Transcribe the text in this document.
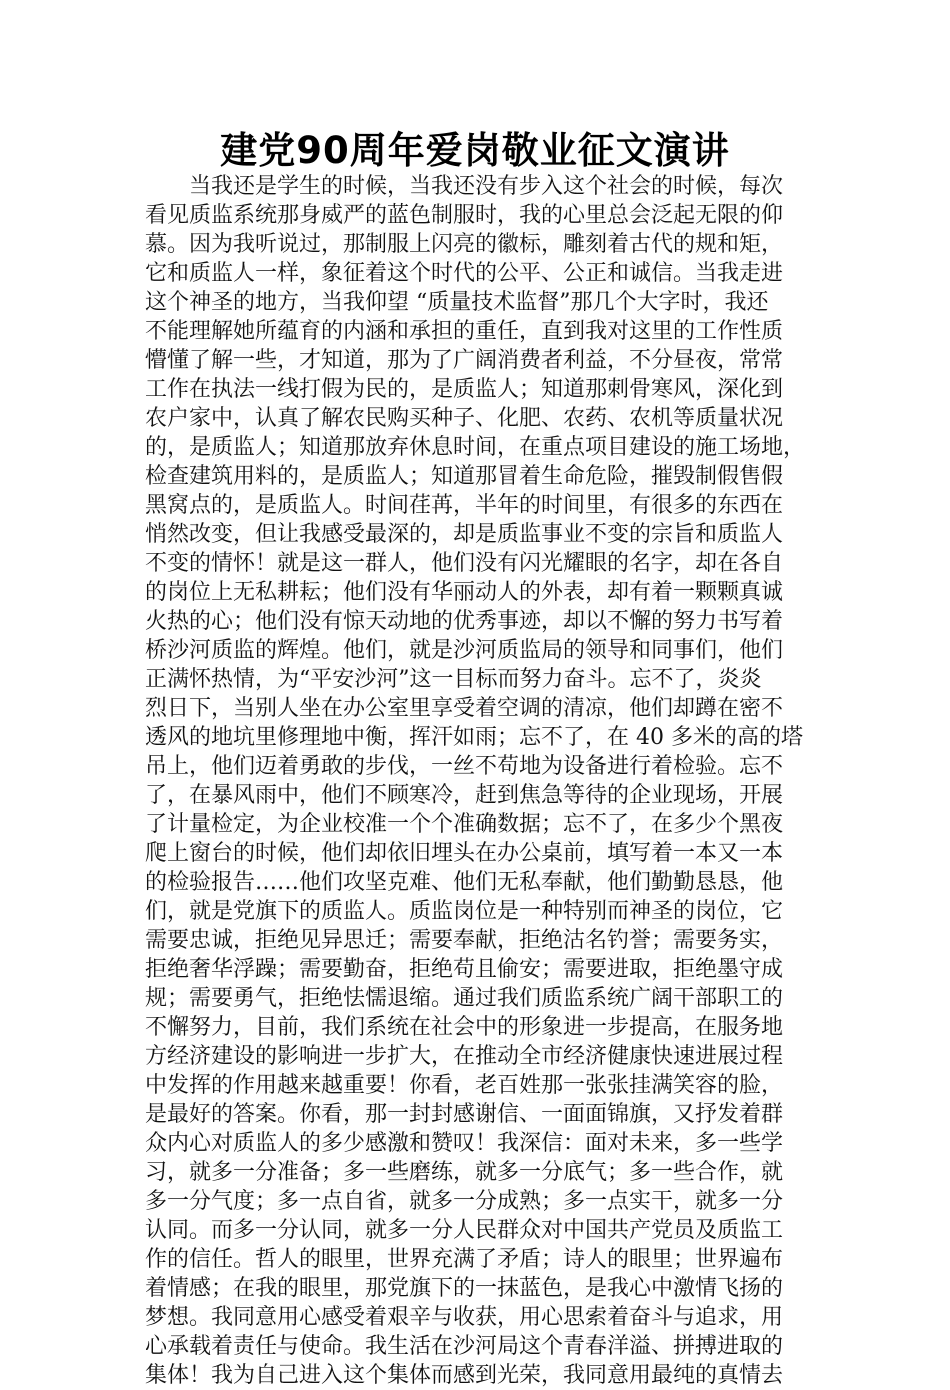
建党90周年爱岗敬业征文演讲
　　当我还是学生的时候，当我还没有步入这个社会的时候，每次
看见质监系统那身威严的蓝色制服时，我的心里总会泛起无限的仰
慕。因为我听说过，那制服上闪亮的徽标，雕刻着古代的规和矩，
它和质监人一样，象征着这个时代的公平、公正和诚信。当我走进
这个神圣的地方，当我仰望 “质量技术监督”那几个大字时，我还
不能理解她所蕴育的内涵和承担的重任，直到我对这里的工作性质
懵懂了解一些，才知道，那为了广阔消费者利益，不分昼夜，常常
工作在执法一线打假为民的，是质监人；知道那刺骨寒风，深化到
农户家中，认真了解农民购买种子、化肥、农药、农机等质量状况
的，是质监人；知道那放弃休息时间，在重点项目建设的施工场地，
检查建筑用料的，是质监人；知道那冒着生命危险，摧毁制假售假
黑窝点的，是质监人。时间荏苒，半年的时间里，有很多的东西在
悄然改变，但让我感受最深的，却是质监事业不变的宗旨和质监人
不变的情怀！就是这一群人，他们没有闪光耀眼的名字，却在各自
的岗位上无私耕耘；他们没有华丽动人的外表，却有着一颗颗真诚
火热的心；他们没有惊天动地的优秀事迹，却以不懈的努力书写着
桥沙河质监的辉煌。他们，就是沙河质监局的领导和同事们，他们
正满怀热情，为“平安沙河”这一目标而努力奋斗。忘不了，炎炎
烈日下，当别人坐在办公室里享受着空调的清凉，他们却蹲在密不
透风的地坑里修理地中衡，挥汗如雨；忘不了，在 40 多米的高的塔
吊上，他们迈着勇敢的步伐，一丝不苟地为设备进行着检验。忘不
了，在暴风雨中，他们不顾寒冷，赶到焦急等待的企业现场，开展
了计量检定，为企业校准一个个准确数据；忘不了，在多少个黑夜
爬上窗台的时候，他们却依旧埋头在办公桌前，填写着一本又一本
的检验报告……他们攻坚克难、他们无私奉献，他们勤勤恳恳，他
们，就是党旗下的质监人。质监岗位是一种特别而神圣的岗位，它
需要忠诚，拒绝见异思迁；需要奉献，拒绝沽名钓誉；需要务实，
拒绝奢华浮躁；需要勤奋，拒绝苟且偷安；需要进取，拒绝墨守成
规；需要勇气，拒绝怯懦退缩。通过我们质监系统广阔干部职工的
不懈努力，目前，我们系统在社会中的形象进一步提高，在服务地
方经济建设的影响进一步扩大，在推动全市经济健康快速进展过程
中发挥的作用越来越重要！你看，老百姓那一张张挂满笑容的脸，
是最好的答案。你看，那一封封感谢信、一面面锦旗，又抒发着群
众内心对质监人的多少感激和赞叹！我深信：面对未来，多一些学
习，就多一分准备；多一些磨练，就多一分底气；多一些合作，就
多一分气度；多一点自省，就多一分成熟；多一点实干，就多一分
认同。而多一分认同，就多一分人民群众对中国共产党员及质监工
作的信任。哲人的眼里，世界充满了矛盾；诗人的眼里；世界遍布
着情感；在我的眼里，那党旗下的一抹蓝色，是我心中激情飞扬的
梦想。我同意用心感受着艰辛与收获，用心思索着奋斗与追求，用
心承载着责任与使命。我生活在沙河局这个青春洋溢、拼搏进取的
集体！我为自己进入这个集体而感到光荣，我同意用最纯的真情去
